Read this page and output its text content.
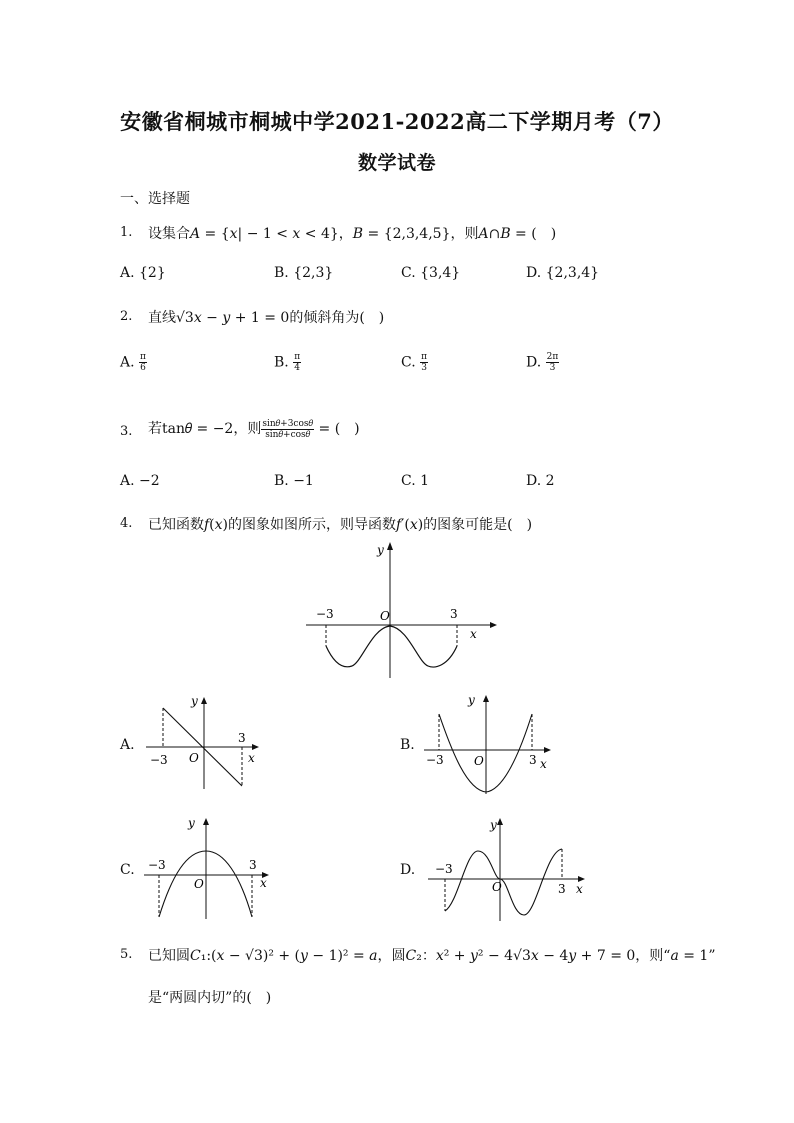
安徽省桐城市桐城中学2021-2022高二下学期月考（7）
数学试卷
一、选择题
1. 设集合𝐴 = {𝑥| − 1 < 𝑥 < 4}，𝐵 = {2,3,4,5}，则𝐴∩𝐵 = (　)
A. {2}	B. {2,3}	C. {3,4}	D. {2,3,4}
2. 直线√3𝑥 − 𝑦 + 1 = 0的倾斜角为(　)
A. $\frac{\pi}{6}$	B. $\frac{\pi}{4}$	C. $\frac{\pi}{3}$	D. $\frac{2\pi}{3}$
3. 若tan𝜃 = −2，则 $\frac{\text{sin𝜃+3cos𝜃}}{\text{sin𝜃+cos𝜃}}$ = (　)
A. −2	B. −1	C. 1	D. 2
4. 已知函数𝑓(𝑥)的图象如图所示，则导函数𝑓′(𝑥)的图象可能是(　)
y
x
O
−3	3
A.
y
x
O
−3
3	B.
y
x
O
−3	3
C.
y
x
O
−3	3	D.
y
x
O
−3
3
5. 已知圆𝐶₁:(𝑥 − √3)² + (𝑦 − 1)² = 𝑎，圆𝐶₂：𝑥² + 𝑦² − 4√3𝑥 − 4𝑦 + 7 = 0，则“𝑎 = 1”
是“两圆内切”的(　)
